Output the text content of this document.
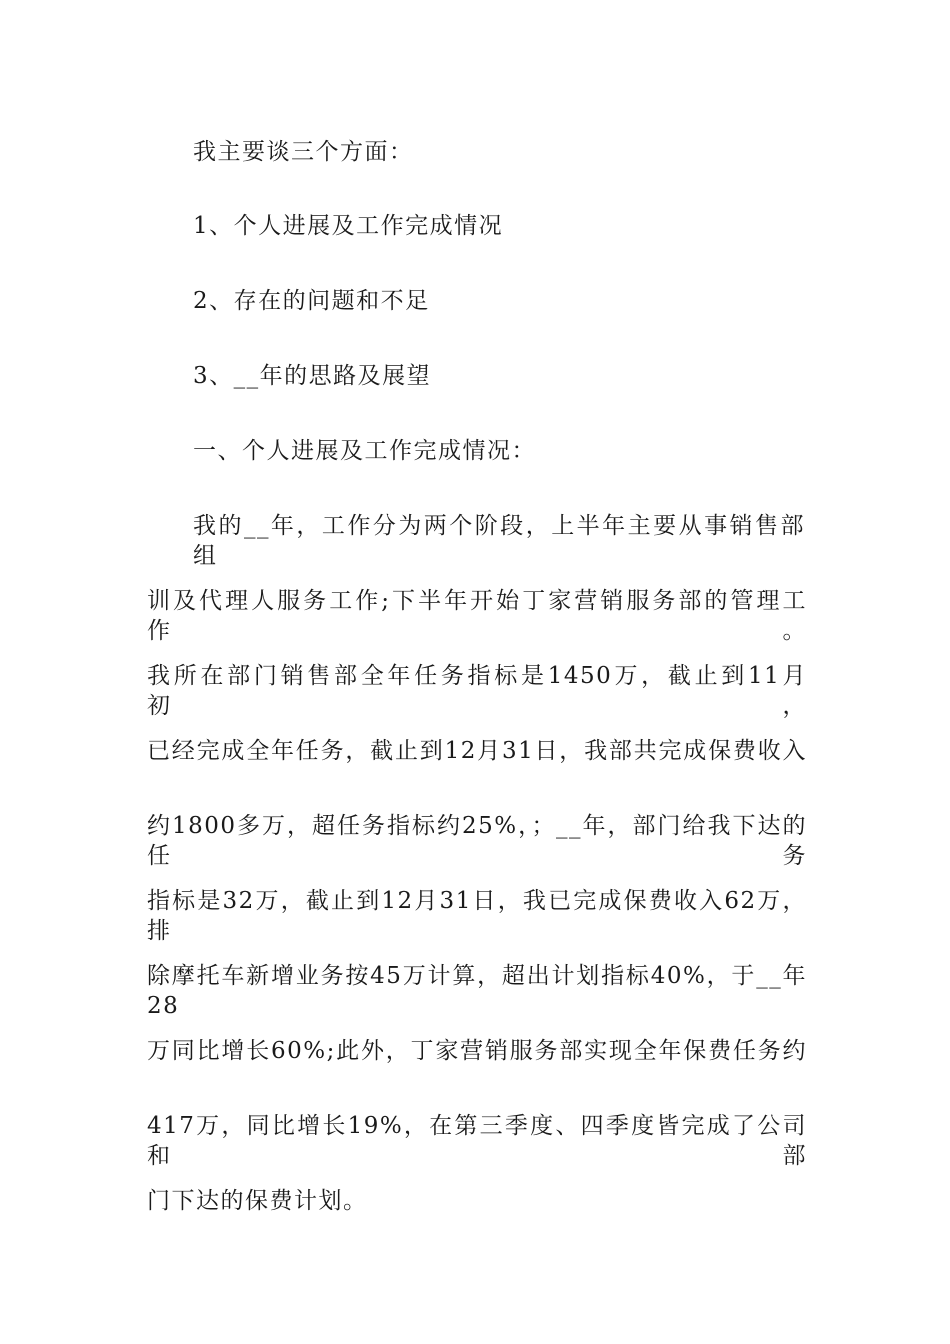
我主要谈三个方面：
1、个人进展及工作完成情况
2、存在的问题和不足
3、__年的思路及展望
一、个人进展及工作完成情况：
我的__年，工作分为两个阶段，上半年主要从事销售部组
训及代理人服务工作;下半年开始丁家营销服务部的管理工作。
我所在部门销售部全年任务指标是1450万，截止到11月初，
已经完成全年任务，截止到12月31日，我部共完成保费收入
约1800多万，超任务指标约25%，；__年，部门给我下达的任务
指标是32万，截止到12月31日，我已完成保费收入62万，排
除摩托车新增业务按45万计算，超出计划指标40%，于__年28
万同比增长60%;此外，丁家营销服务部实现全年保费任务约
417万，同比增长19%，在第三季度、四季度皆完成了公司和部
门下达的保费计划。
